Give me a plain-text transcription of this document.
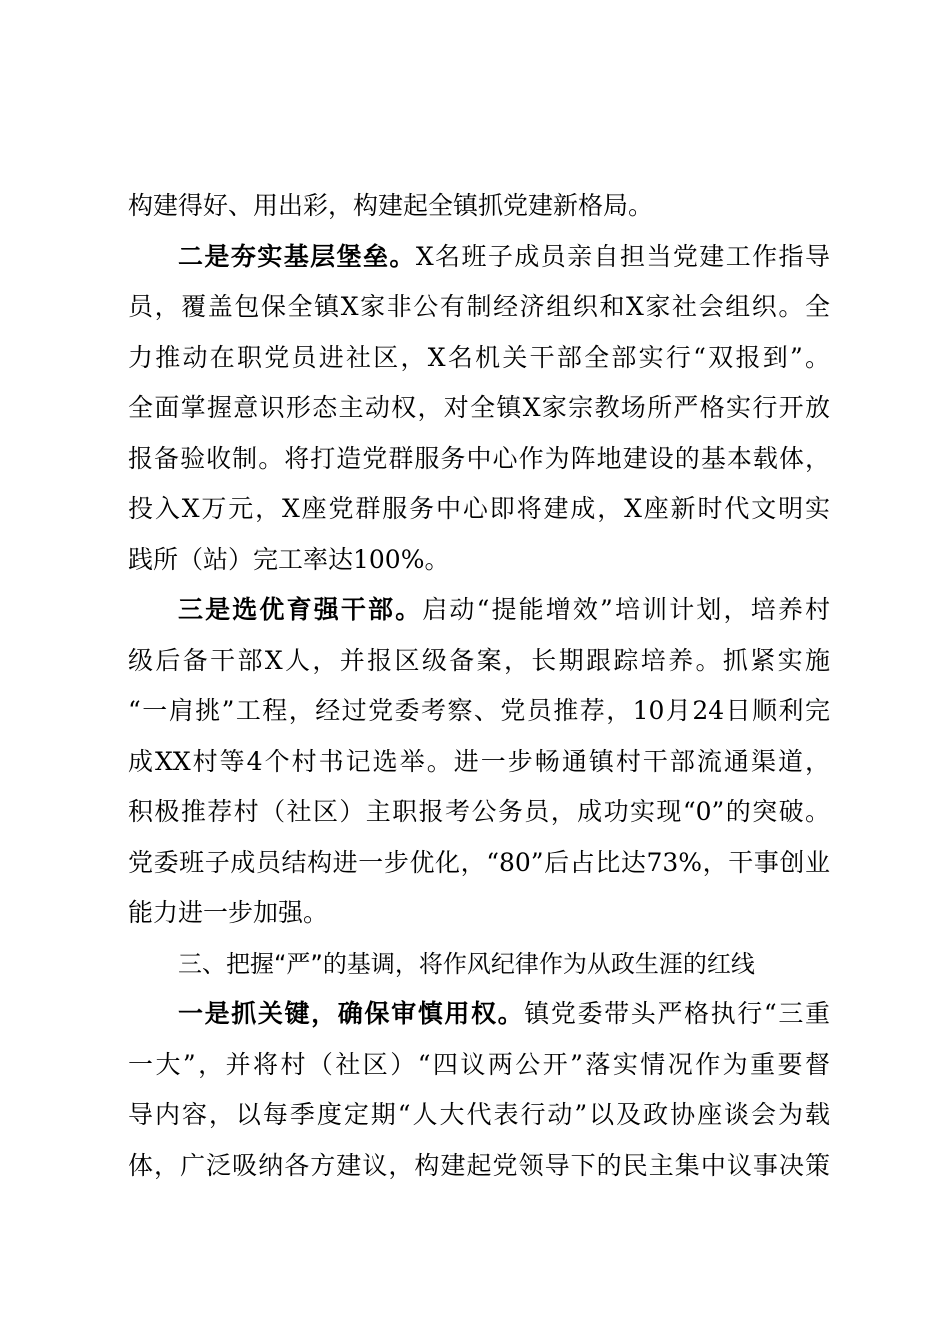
构建得好、用出彩，构建起全镇抓党建新格局。
二是夯实基层堡垒。X名班子成员亲自担当党建工作指导
员，覆盖包保全镇X家非公有制经济组织和X家社会组织。全
力推动在职党员进社区，X名机关干部全部实行“双报到”。
全面掌握意识形态主动权，对全镇X家宗教场所严格实行开放
报备验收制。将打造党群服务中心作为阵地建设的基本载体，
投入X万元，X座党群服务中心即将建成，X座新时代文明实
践所（站）完工率达100%。
三是选优育强干部。启动“提能增效”培训计划，培养村
级后备干部X人，并报区级备案，长期跟踪培养。抓紧实施
“一肩挑”工程，经过党委考察、党员推荐，10月24日顺利完
成XX村等4个村书记选举。进一步畅通镇村干部流通渠道，
积极推荐村（社区）主职报考公务员，成功实现“0”的突破。
党委班子成员结构进一步优化，“80”后占比达73%，干事创业
能力进一步加强。
三、把握“严”的基调，将作风纪律作为从政生涯的红线
一是抓关键，确保审慎用权。镇党委带头严格执行“三重
一大”，并将村（社区）“四议两公开”落实情况作为重要督
导内容，以每季度定期“人大代表行动”以及政协座谈会为载
体，广泛吸纳各方建议，构建起党领导下的民主集中议事决策
